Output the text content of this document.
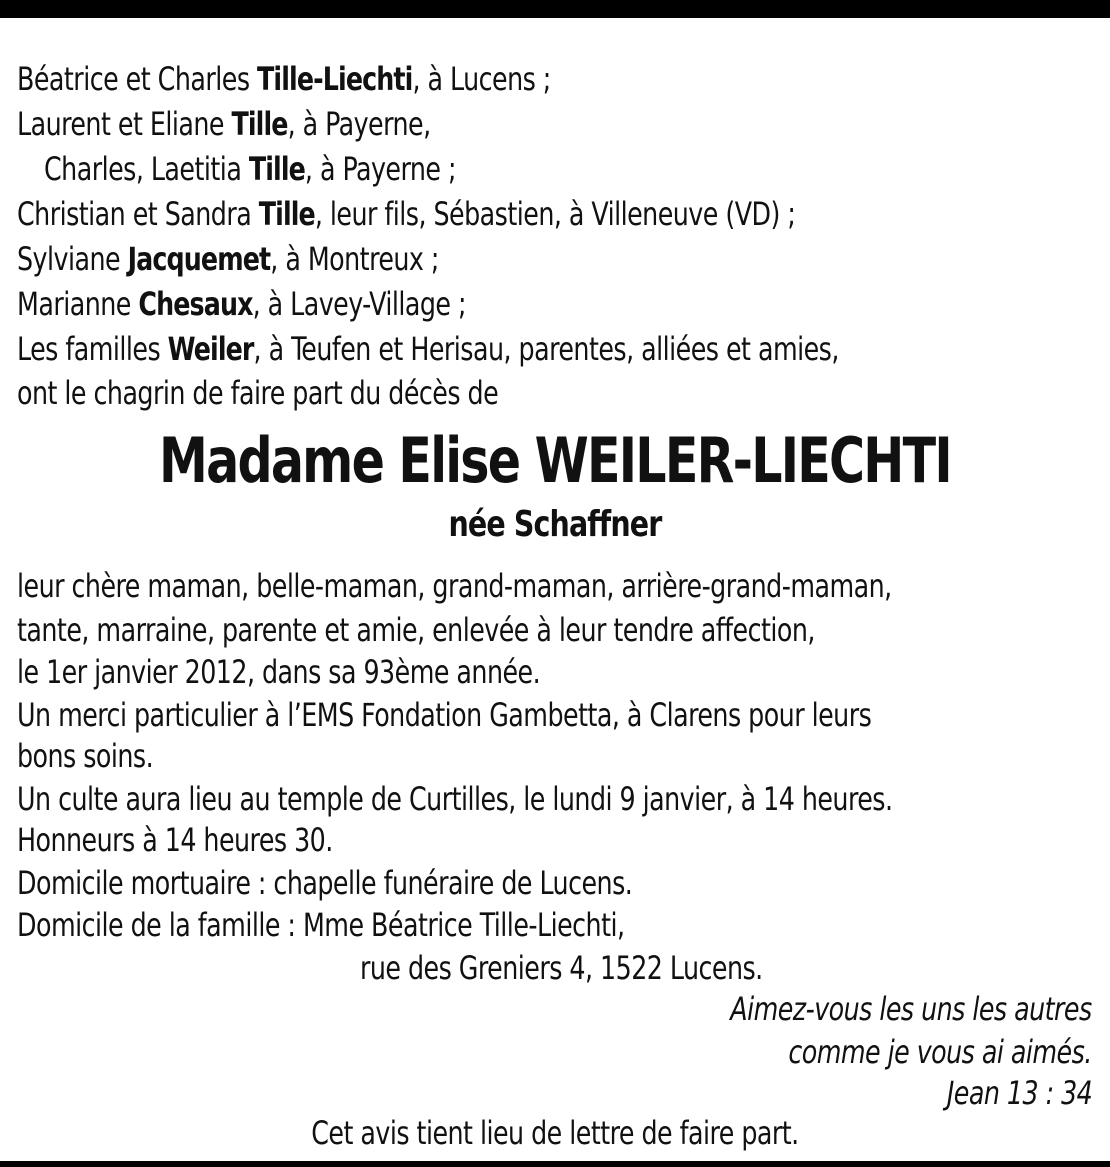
Béatrice et Charles Tille-Liechti, à Lucens ;
Laurent et Eliane Tille, à Payerne,
Charles, Laetitia Tille, à Payerne ;
Christian et Sandra Tille, leur fils, Sébastien, à Villeneuve (VD) ;
Sylviane Jacquemet, à Montreux ;
Marianne Chesaux, à Lavey-Village ;
Les familles Weiler, à Teufen et Herisau, parentes, alliées et amies,
ont le chagrin de faire part du décès de
Madame Elise WEILER-LIECHTI
née Schaffner
leur chère maman, belle-maman, grand-maman, arrière-grand-maman,
tante, marraine, parente et amie, enlevée à leur tendre affection,
le 1er janvier 2012, dans sa 93ème année.
Un merci particulier à l’EMS Fondation Gambetta, à Clarens pour leurs
bons soins.
Un culte aura lieu au temple de Curtilles, le lundi 9 janvier, à 14 heures.
Honneurs à 14 heures 30.
Domicile mortuaire : chapelle funéraire de Lucens.
Domicile de la famille : Mme Béatrice Tille-Liechti,
rue des Greniers 4, 1522 Lucens.
Aimez-vous les uns les autres
comme je vous ai aimés.
Jean 13 : 34
Cet avis tient lieu de lettre de faire part.
